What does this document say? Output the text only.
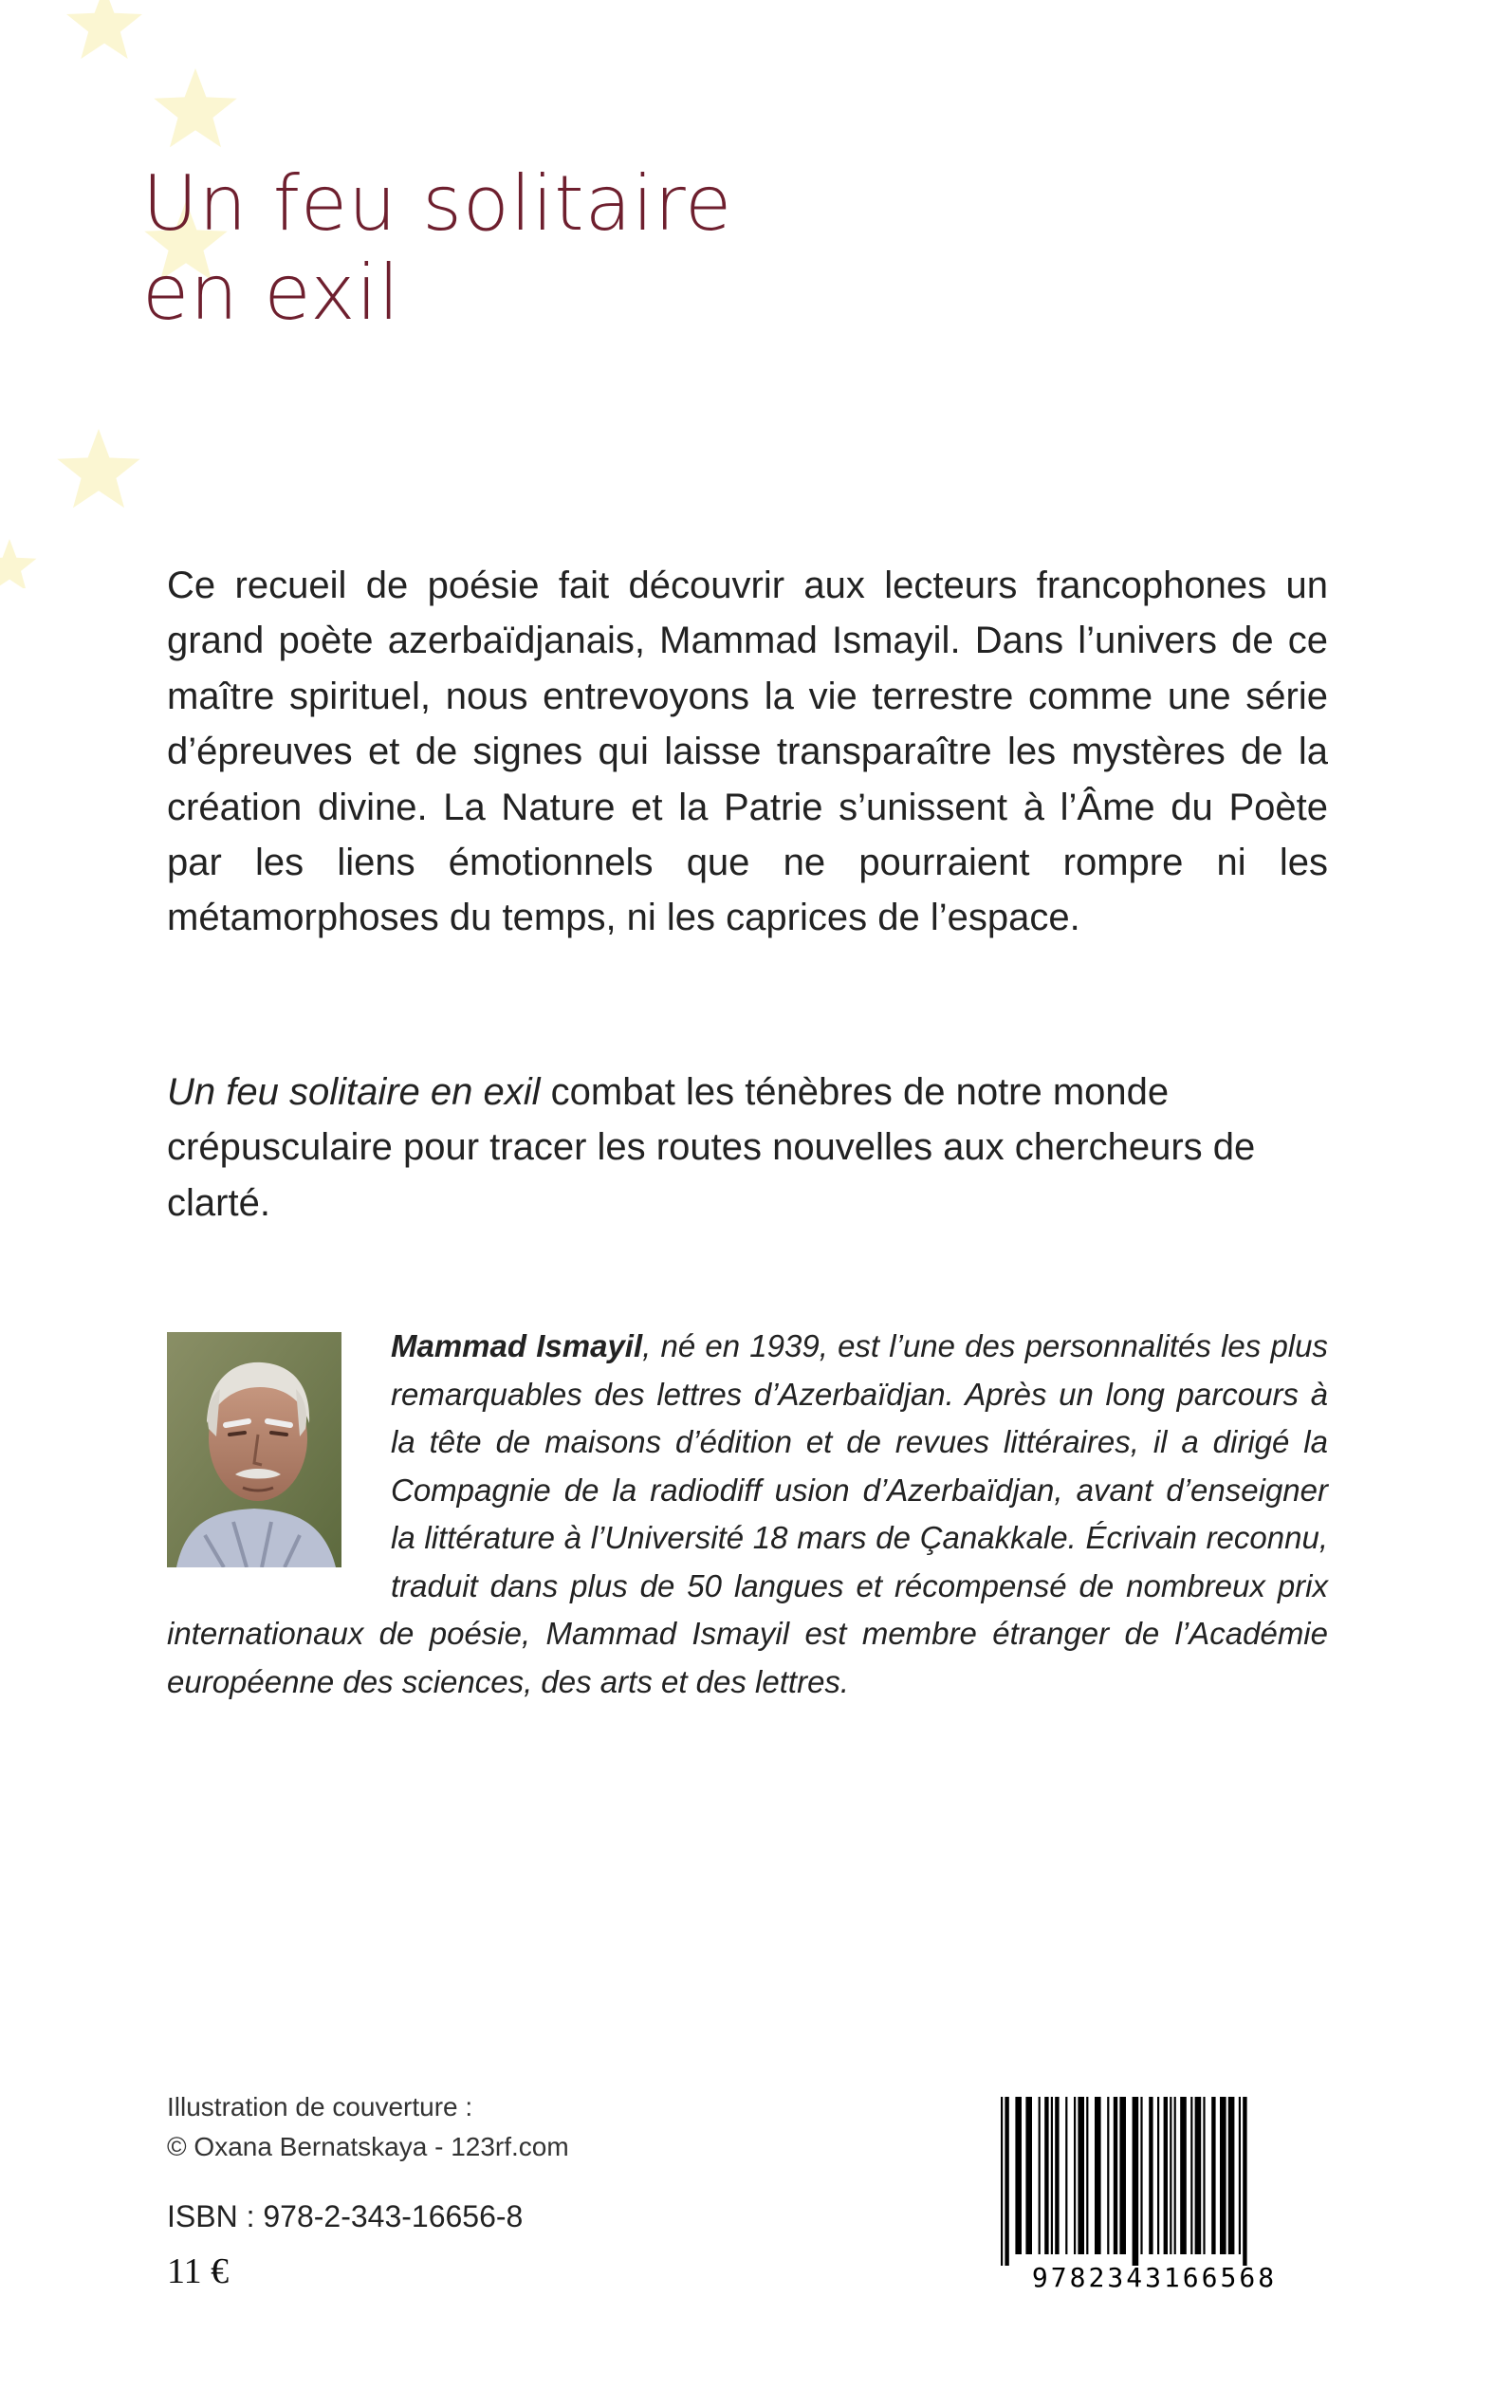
Un feu solitaire
en exil

Ce recueil de poésie fait découvrir aux lecteurs francophones un grand poète azerbaïdjanais, Mammad Ismayil. Dans l’univers de ce maître spirituel, nous entrevoyons la vie terrestre comme une série d’épreuves et de signes qui laisse transparaître les mystères de la création divine. La Nature et la Patrie s’unissent à l’Âme du Poète par les liens émotionnels que ne pourraient rompre ni les métamorphoses du temps, ni les caprices de l’espace.

Un feu solitaire en exil combat les ténèbres de notre monde crépusculaire pour tracer les routes nouvelles aux chercheurs de clarté.

Mammad Ismayil, né en 1939, est l’une des personnalités les plus remarquables des lettres d’Azerbaïdjan. Après un long parcours à la tête de maisons d’édition et de revues littéraires, il a dirigé la Compagnie de la radiodiff usion d’Azerbaïdjan, avant d’enseigner la littérature à l’Université 18 mars de Çanakkale. Écrivain reconnu, traduit dans plus de 50 langues et récompensé de nombreux prix internationaux de poésie, Mammad Ismayil est membre étranger de l’Académie européenne des sciences, des arts et des lettres.

Illustration de couverture :
© Oxana Bernatskaya - 123rf.com
ISBN : 978-2-343-16656-8
11 €	9782343166568
